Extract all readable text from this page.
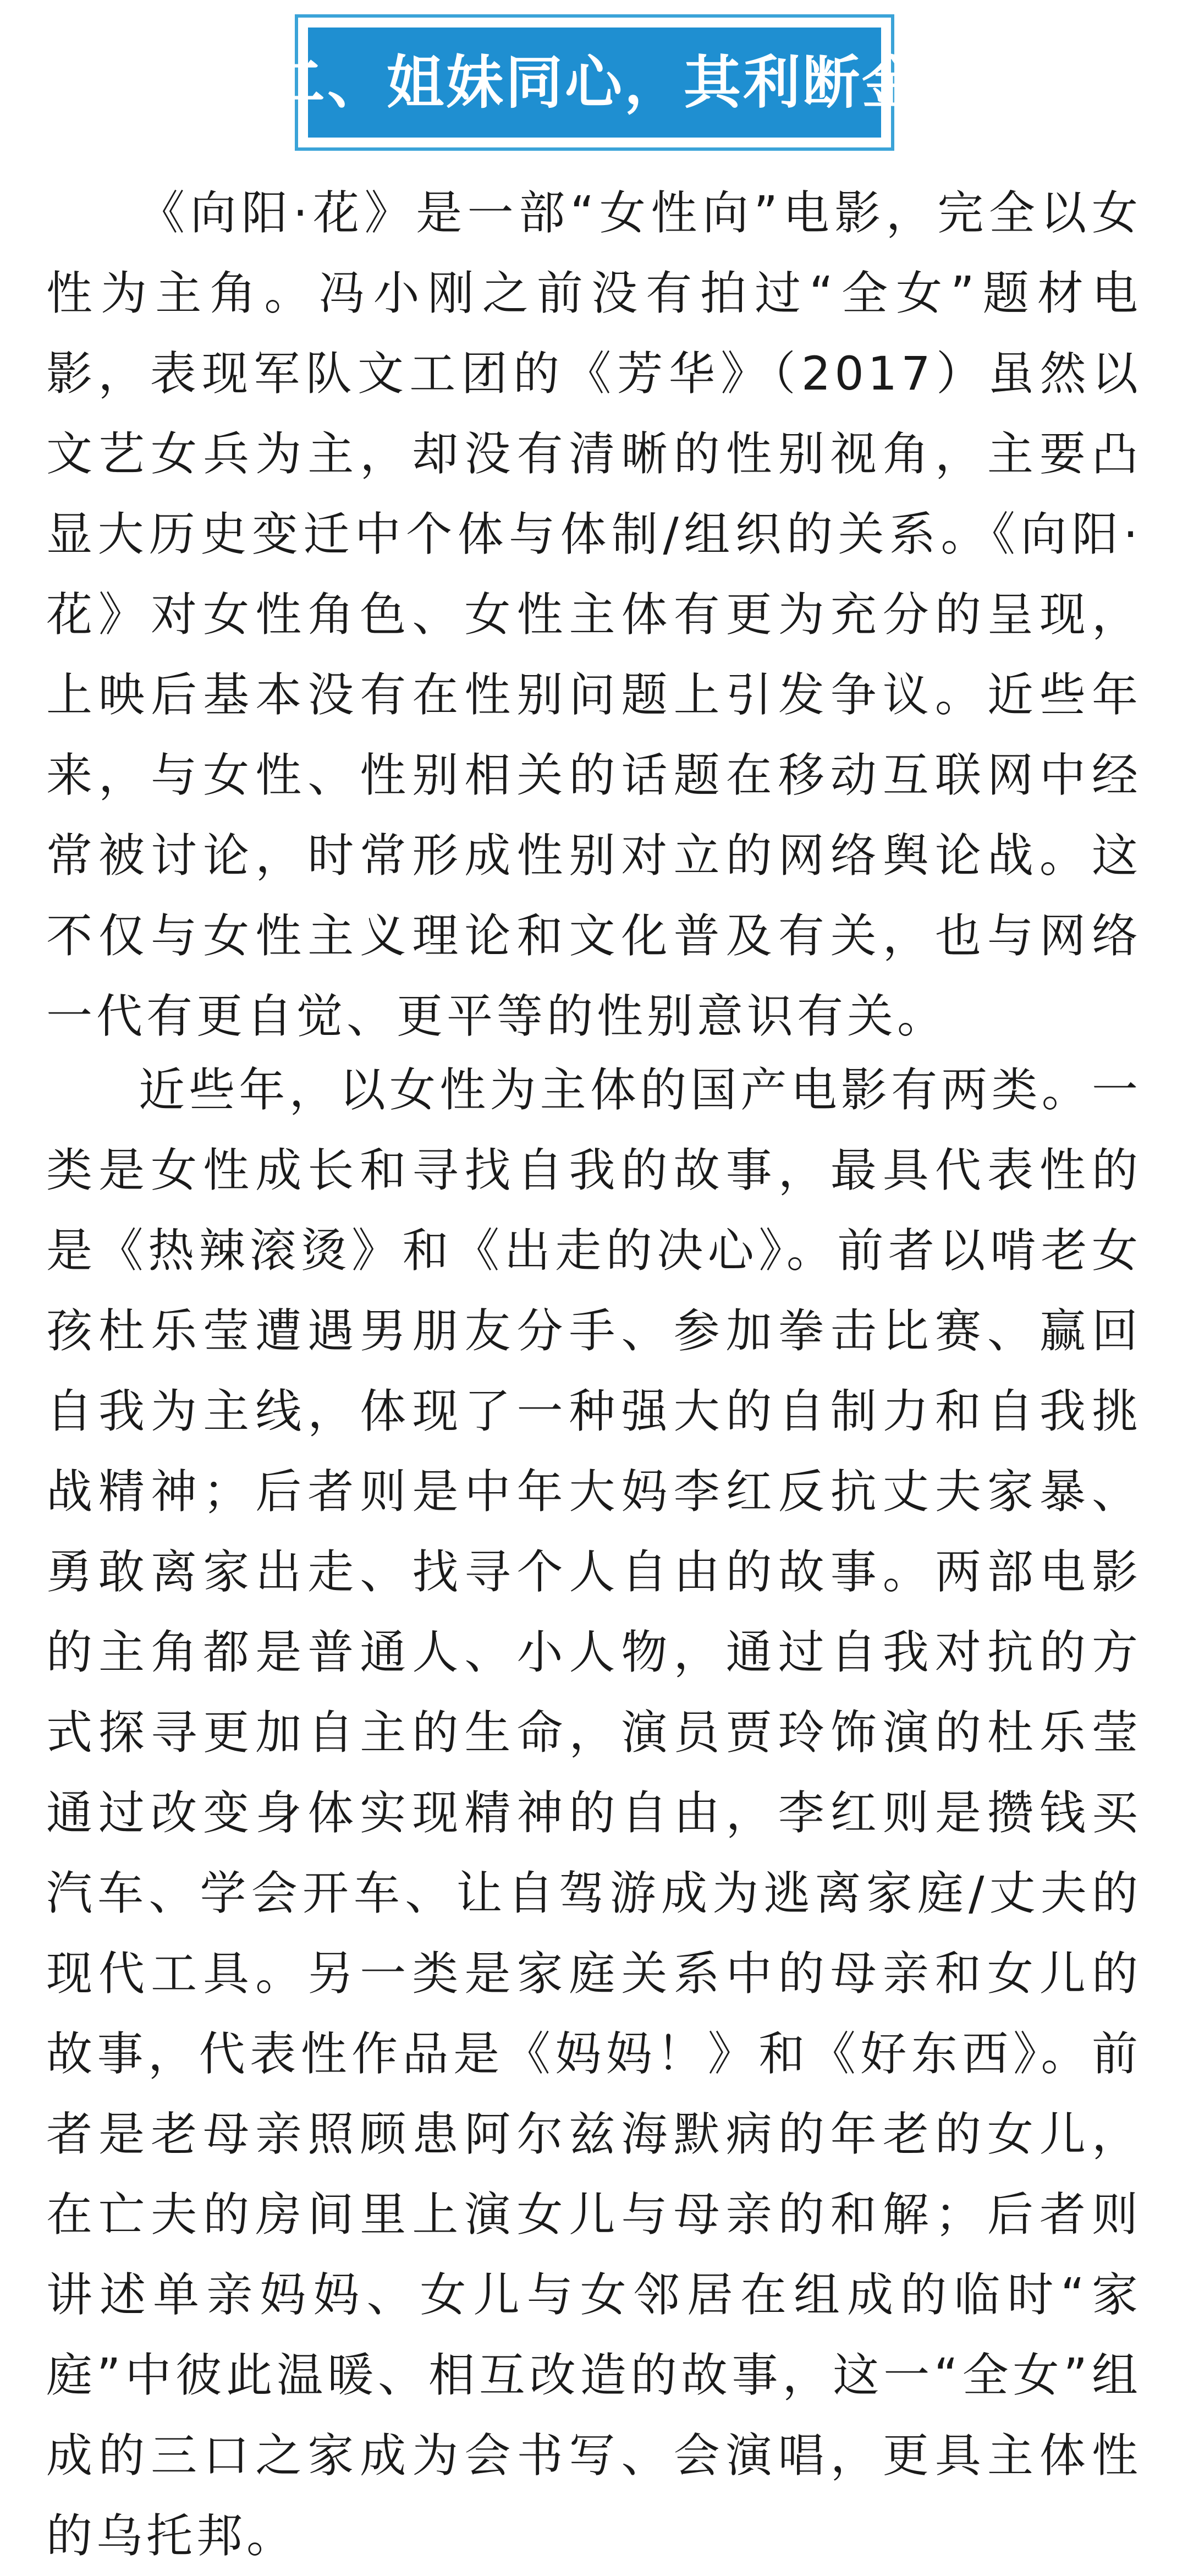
二、姐妹同心，其利断金

《向阳·花》是一部“女性向”电影，完全以女性为主角。冯小刚之前没有拍过“全女”题材电影，表现军队文工团的《芳华》（2017）虽然以文艺女兵为主，却没有清晰的性别视角，主要凸显大历史变迁中个体与体制/组织的关系。《向阳·花》对女性角色、女性主体有更为充分的呈现，上映后基本没有在性别问题上引发争议。近些年来，与女性、性别相关的话题在移动互联网中经常被讨论，时常形成性别对立的网络舆论战。这不仅与女性主义理论和文化普及有关，也与网络一代有更自觉、更平等的性别意识有关。

近些年，以女性为主体的国产电影有两类。一类是女性成长和寻找自我的故事，最具代表性的是《热辣滚烫》和《出走的决心》。前者以啃老女孩杜乐莹遭遇男朋友分手、参加拳击比赛、赢回自我为主线，体现了一种强大的自制力和自我挑战精神；后者则是中年大妈李红反抗丈夫家暴、勇敢离家出走、找寻个人自由的故事。两部电影的主角都是普通人、小人物，通过自我对抗的方式探寻更加自主的生命，演员贾玲饰演的杜乐莹通过改变身体实现精神的自由，李红则是攒钱买汽车、学会开车、让自驾游成为逃离家庭/丈夫的现代工具。另一类是家庭关系中的母亲和女儿的故事，代表性作品是《妈妈！》和《好东西》。前者是老母亲照顾患阿尔兹海默病的年老的女儿，在亡夫的房间里上演女儿与母亲的和解；后者则讲述单亲妈妈、女儿与女邻居在组成的临时“家庭”中彼此温暖、相互改造的故事，这一“全女”组成的三口之家成为会书写、会演唱，更具主体性的乌托邦。
